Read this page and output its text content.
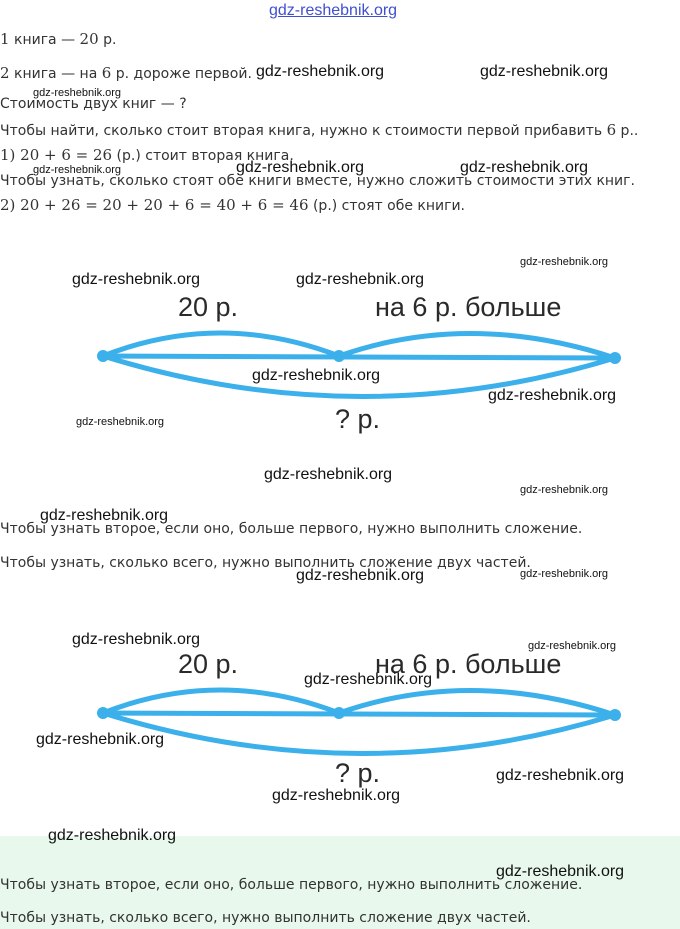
gdz-reshebnik.org
1 книга — 20 р.
2 книга — на 6 р. дороже первой.
Стоимость двух книг — ?
Чтобы найти, сколько стоит вторая книга, нужно к стоимости первой прибавить 6 р..
1) 20 + 6 = 26 (р.) стоит вторая книга.
Чтобы узнать, сколько стоят обе книги вместе, нужно сложить стоимости этих книг.
2) 20 + 26 = 20 + 20 + 6 = 40 + 6 = 46 (р.) стоят обе книги.
20 р.	на 6 р. больше
? р.
Чтобы узнать второе, если оно, больше первого, нужно выполнить сложение.
Чтобы узнать, сколько всего, нужно выполнить сложение двух частей.
20 р.	на 6 р. больше
? р.
Чтобы узнать второе, если оно, больше первого, нужно выполнить сложение.
Чтобы узнать, сколько всего, нужно выполнить сложение двух частей.
gdz-reshebnik.org	gdz-reshebnik.org
gdz-reshebnik.org
gdz-reshebnik.org	gdz-reshebnik.org	gdz-reshebnik.org
gdz-reshebnik.org
gdz-reshebnik.org	gdz-reshebnik.org
gdz-reshebnik.org
gdz-reshebnik.org
gdz-reshebnik.org
gdz-reshebnik.org
gdz-reshebnik.org
gdz-reshebnik.org
gdz-reshebnik.org	gdz-reshebnik.org
gdz-reshebnik.org	gdz-reshebnik.org
gdz-reshebnik.org
gdz-reshebnik.org
gdz-reshebnik.org
gdz-reshebnik.org
gdz-reshebnik.org
gdz-reshebnik.org
